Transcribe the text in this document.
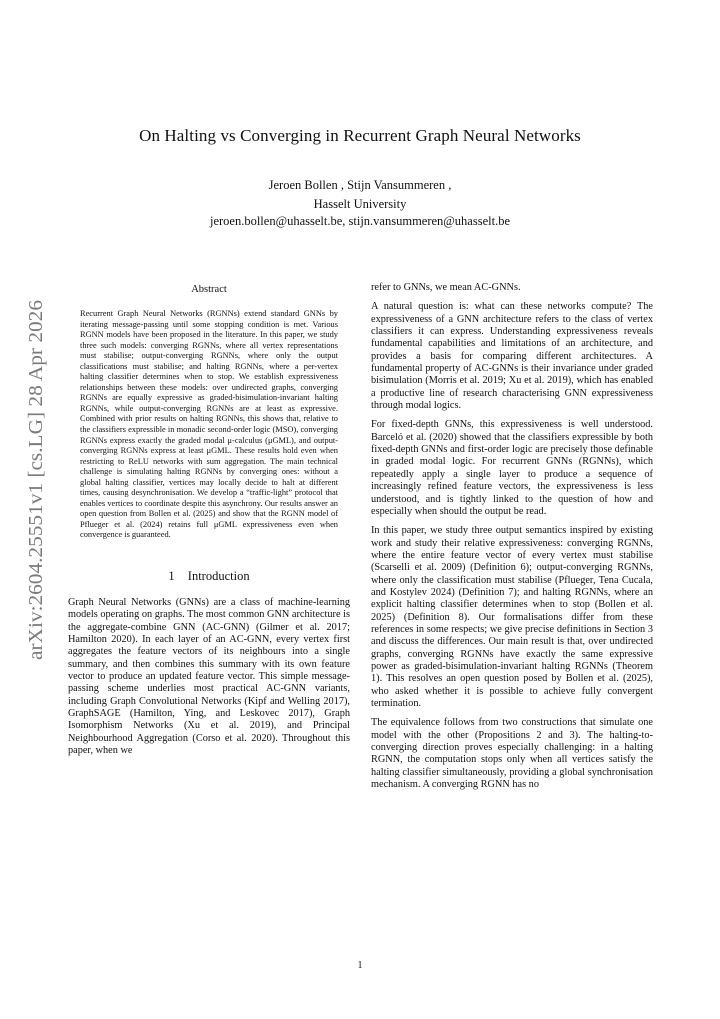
arXiv:2604.25551v1 [cs.LG] 28 Apr 2026
On Halting vs Converging in Recurrent Graph Neural Networks
Jeroen Bollen , Stijn Vansummeren ,
Hasselt University
jeroen.bollen@uhasselt.be, stijn.vansummeren@uhasselt.be
Abstract

Recurrent Graph Neural Networks (RGNNs) extend standard GNNs by iterating message-passing until some stopping condition is met. Various RGNN models have been proposed in the literature. In this paper, we study three such models: converging RGNNs, where all vertex representations must stabilise; output-converging RGNNs, where only the output classifications must stabilise; and halting RGNNs, where a per-vertex halting classifier determines when to stop. We establish expressiveness relationships between these models: over undirected graphs, converging RGNNs are equally expressive as graded-bisimulation-invariant halting RGNNs, while output-converging RGNNs are at least as expressive. Combined with prior results on halting RGNNs, this shows that, relative to the classifiers expressible in monadic second-order logic (MSO), converging RGNNs express exactly the graded modal μ-calculus (μGML), and output-converging RGNNs express at least μGML. These results hold even when restricting to ReLU networks with sum aggregation. The main technical challenge is simulating halting RGNNs by converging ones: without a global halting classifier, vertices may locally decide to halt at different times, causing desynchronisation. We develop a “traffic-light” protocol that enables vertices to coordinate despite this asynchrony. Our results answer an open question from Bollen et al. (2025) and show that the RGNN model of Pflueger et al. (2024) retains full μGML expressiveness even when convergence is guaranteed.

1 Introduction

Graph Neural Networks (GNNs) are a class of machine-learning models operating on graphs. The most common GNN architecture is the aggregate-combine GNN (AC-GNN) (Gilmer et al. 2017; Hamilton 2020). In each layer of an AC-GNN, every vertex first aggregates the feature vectors of its neighbours into a single summary, and then combines this summary with its own feature vector to produce an updated feature vector. This simple message-passing scheme underlies most practical AC-GNN variants, including Graph Convolutional Networks (Kipf and Welling 2017), GraphSAGE (Hamilton, Ying, and Leskovec 2017), Graph Isomorphism Networks (Xu et al. 2019), and Principal Neighbourhood Aggregation (Corso et al. 2020). Throughout this paper, when we

refer to GNNs, we mean AC-GNNs.

A natural question is: what can these networks compute? The expressiveness of a GNN architecture refers to the class of vertex classifiers it can express. Understanding expressiveness reveals fundamental capabilities and limitations of an architecture, and provides a basis for comparing different architectures. A fundamental property of AC-GNNs is their invariance under graded bisimulation (Morris et al. 2019; Xu et al. 2019), which has enabled a productive line of research characterising GNN expressiveness through modal logics.

For fixed-depth GNNs, this expressiveness is well understood. Barceló et al. (2020) showed that the classifiers expressible by both fixed-depth GNNs and first-order logic are precisely those definable in graded modal logic. For recurrent GNNs (RGNNs), which repeatedly apply a single layer to produce a sequence of increasingly refined feature vectors, the expressiveness is less understood, and is tightly linked to the question of how and especially when should the output be read.

In this paper, we study three output semantics inspired by existing work and study their relative expressiveness: converging RGNNs, where the entire feature vector of every vertex must stabilise (Scarselli et al. 2009) (Definition 6); output-converging RGNNs, where only the classification must stabilise (Pflueger, Tena Cucala, and Kostylev 2024) (Definition 7); and halting RGNNs, where an explicit halting classifier determines when to stop (Bollen et al. 2025) (Definition 8). Our formalisations differ from these references in some respects; we give precise definitions in Section 3 and discuss the differences. Our main result is that, over undirected graphs, converging RGNNs have exactly the same expressive power as graded-bisimulation-invariant halting RGNNs (Theorem 1). This resolves an open question posed by Bollen et al. (2025), who asked whether it is possible to achieve fully convergent termination.

The equivalence follows from two constructions that simulate one model with the other (Propositions 2 and 3). The halting-to-converging direction proves especially challenging: in a halting RGNN, the computation stops only when all vertices satisfy the halting classifier simultaneously, providing a global synchronisation mechanism. A converging RGNN has no

1
